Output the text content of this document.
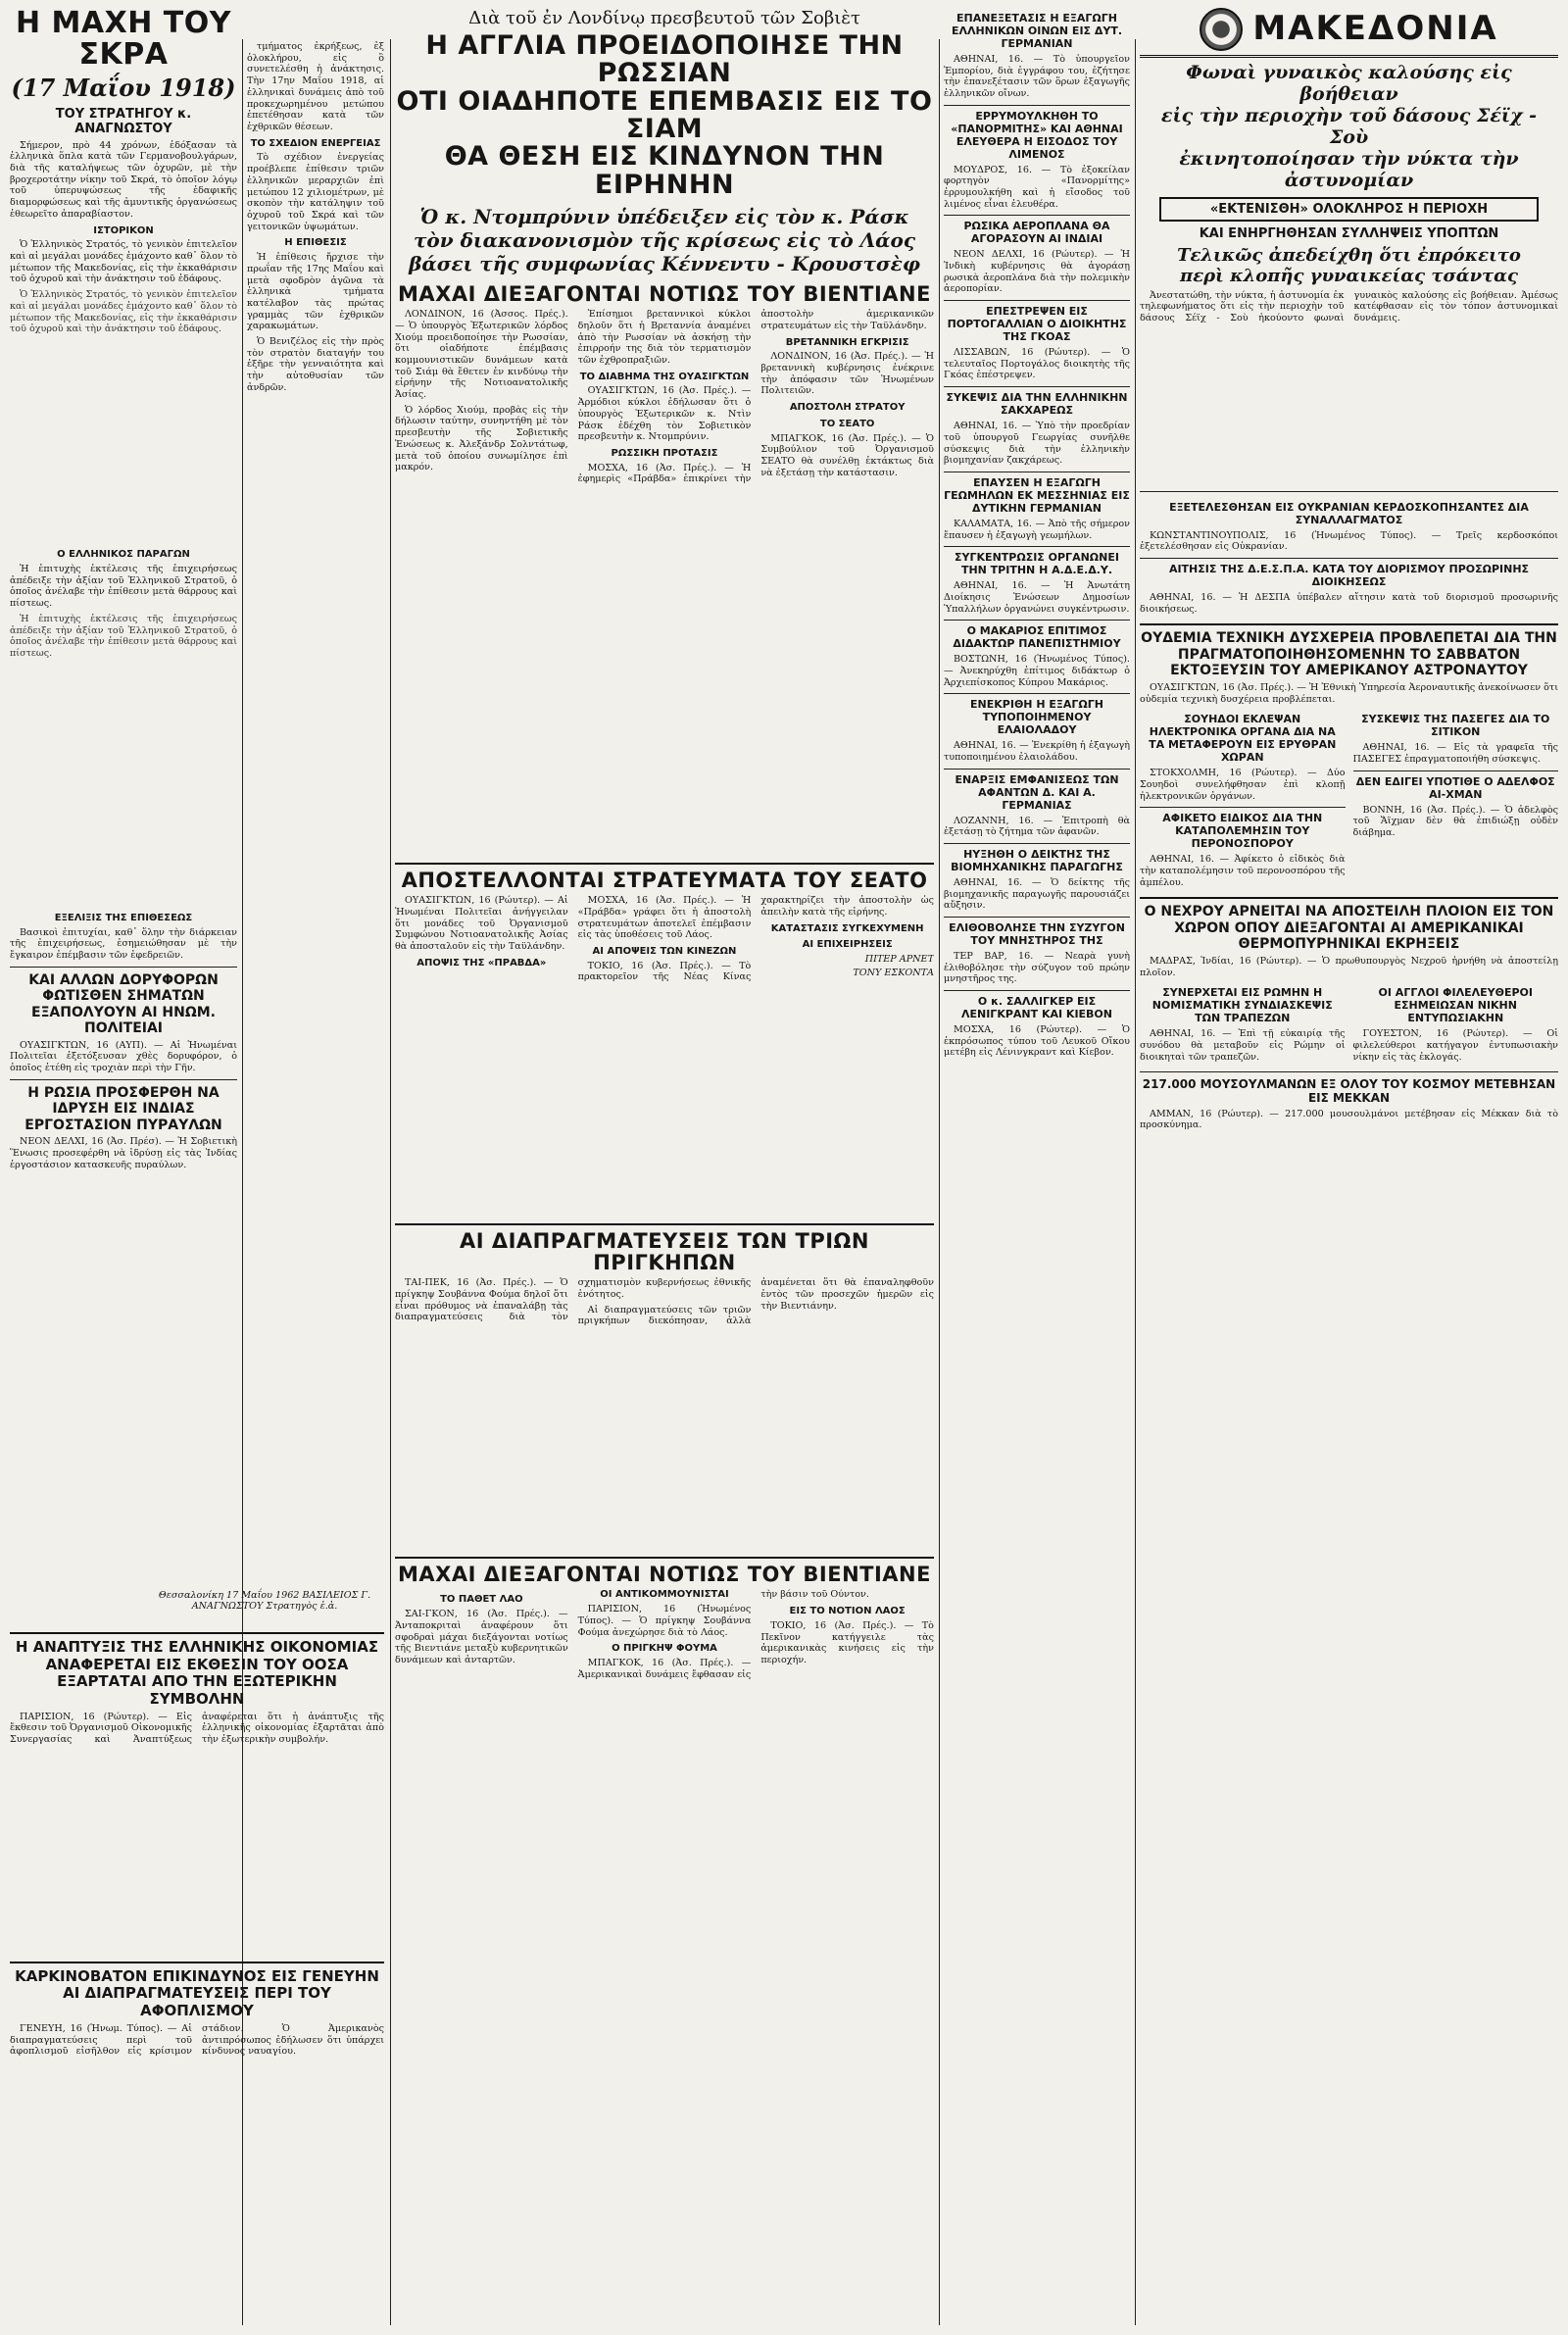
Η ΜΑΧΗ ΤΟΥ ΣΚΡΑ
(17 Μαΐου 1918)
ΤΟΥ ΣΤΡΑΤΗΓΟΥ κ. ΑΝΑΓΝΩΣΤΟΥ

Σήμερον, πρὸ 44 χρόνων, ἐδόξασαν τὰ ἑλληνικὰ ὅπλα κατὰ τῶν Γερμανοβουλγάρων, διὰ τῆς καταλήψεως τῶν ὀχυρῶν, μὲ τὴν βροχεροτάτην νίκην τοῦ Σκρά, τὸ ὁποῖον λόγῳ τοῦ ὑπερυψώσεως τῆς ἐδαφικῆς διαμορφώσεως καὶ τῆς ἀμυντικῆς ὀργανώσεως ἐθεωρεῖτο ἀπαραβίαστον.

ΙΣΤΟΡΙΚΟΝ

Ὁ Ἑλληνικὸς Στρατός, τὸ γενικὸν ἐπιτελεῖον καὶ αἱ μεγάλαι μονάδες ἐμάχοντο καθ᾽ ὅλον τὸ μέτωπον τῆς Μακεδονίας, εἰς τὴν ἐκκαθάρισιν τοῦ ὀχυροῦ καὶ τὴν ἀνάκτησιν τοῦ ἐδάφους.

Ὁ Ἑλληνικὸς Στρατός, τὸ γενικὸν ἐπιτελεῖον καὶ αἱ μεγάλαι μονάδες ἐμάχοντο καθ᾽ ὅλον τὸ μέτωπον τῆς Μακεδονίας, εἰς τὴν ἐκκαθάρισιν τοῦ ὀχυροῦ καὶ τὴν ἀνάκτησιν τοῦ ἐδάφους.

Ο ΕΛΛΗΝΙΚΟΣ ΠΑΡΑΓΩΝ

Ἡ ἐπιτυχὴς ἐκτέλεσις τῆς ἐπιχειρήσεως ἀπέδειξε τὴν ἀξίαν τοῦ Ἑλληνικοῦ Στρατοῦ, ὁ ὁποῖος ἀνέλαβε τὴν ἐπίθεσιν μετὰ θάρρους καὶ πίστεως.

Ἡ ἐπιτυχὴς ἐκτέλεσις τῆς ἐπιχειρήσεως ἀπέδειξε τὴν ἀξίαν τοῦ Ἑλληνικοῦ Στρατοῦ, ὁ ὁποῖος ἀνέλαβε τὴν ἐπίθεσιν μετὰ θάρρους καὶ πίστεως.

ΕΞΕΛΙΞΙΣ ΤΗΣ ΕΠΙΘΕΣΕΩΣ

Βασικοὶ ἐπιτυχίαι, καθ᾽ ὅλην τὴν διάρκειαν τῆς ἐπιχειρήσεως, ἐσημειώθησαν μὲ τὴν ἔγκαιρον ἐπέμβασιν τῶν ἐφεδρειῶν.

ΚΑΙ ΑΛΛΩΝ ΔΟΡΥΦΟΡΩΝ ΦΩΤΙΣΘΕΝ ΣΗΜΑΤΩΝ ΕΞΑΠΟΛΥΟΥΝ ΑΙ ΗΝΩΜ. ΠΟΛΙΤΕΙΑΙ

ΟΥΑΣΙΓΚΤΩΝ, 16 (ΑΥΠ). — Αἱ Ἡνωμέναι Πολιτεῖαι ἐξετόξευσαν χθὲς δορυφόρον, ὁ ὁποῖος ἐτέθη εἰς τροχιὰν περὶ τὴν Γῆν.

Η ΡΩΣΙΑ ΠΡΟΣΦΕΡΘΗ ΝΑ ΙΔΡΥΣΗ ΕΙΣ ΙΝΔΙΑΣ ΕΡΓΟΣΤΑΣΙΟΝ ΠΥΡΑΥΛΩΝ

ΝΕΟΝ ΔΕΛΧΙ, 16 (Ἀσ. Πρέσ). — Ἡ Σοβιετικὴ Ἕνωσις προσεφέρθη νὰ ἱδρύσῃ εἰς τὰς Ἰνδίας ἐργοστάσιον κατασκευῆς πυραύλων.

τμήματος ἐκρήξεως, ἐξ ὁλοκλήρου, εἰς ὃ συνετελέσθη ἡ ἀνάκτησις. Τὴν 17ην Μαΐου 1918, αἱ ἑλληνικαὶ δυνάμεις ἀπὸ τοῦ προκεχωρημένου μετώπου ἐπετέθησαν κατὰ τῶν ἐχθρικῶν θέσεων.

ΤΟ ΣΧΕΔΙΟΝ ΕΝΕΡΓΕΙΑΣ

Τὸ σχέδιον ἐνεργείας προέβλεπε ἐπίθεσιν τριῶν ἑλληνικῶν μεραρχιῶν ἐπὶ μετώπου 12 χιλιομέτρων, μὲ σκοπὸν τὴν κατάληψιν τοῦ ὀχυροῦ τοῦ Σκρά καὶ τῶν γειτονικῶν ὑψωμάτων.

Η ΕΠΙΘΕΣΙΣ

Ἡ ἐπίθεσις ἤρχισε τὴν πρωΐαν τῆς 17ης Μαΐου καὶ μετὰ σφοδρὸν ἀγῶνα τὰ ἑλληνικὰ τμήματα κατέλαβον τὰς πρώτας γραμμὰς τῶν ἐχθρικῶν χαρακωμάτων.

Ὁ Βενιζέλος εἰς τὴν πρὸς τὸν στρατὸν διαταγήν του ἐξῆρε τὴν γενναιότητα καὶ τὴν αὐτοθυσίαν τῶν ἀνδρῶν.

Θεσσαλονίκη 17 Μαΐου 1962 ΒΑΣΙΛΕΙΟΣ Γ. ΑΝΑΓΝΩΣΤΟΥ Στρατηγὸς ἐ.ἀ.
Η ΑΝΑΠΤΥΞΙΣ ΤΗΣ ΕΛΛΗΝΙΚΗΣ ΟΙΚΟΝΟΜΙΑΣ ΑΝΑΦΕΡΕΤΑΙ ΕΙΣ ΕΚΘΕΣΙΝ ΤΟΥ ΟΟΣΑ ΕΞΑΡΤΑΤΑΙ ΑΠΟ ΤΗΝ ΕΞΩΤΕΡΙΚΗΝ ΣΥΜΒΟΛΗΝ

ΠΑΡΙΣΙΟΝ, 16 (Ρώυτερ). — Εἰς ἔκθεσιν τοῦ Ὀργανισμοῦ Οἰκονομικῆς Συνεργασίας καὶ Ἀναπτύξεως ἀναφέρεται ὅτι ἡ ἀνάπτυξις τῆς ἑλληνικῆς οἰκονομίας ἐξαρτᾶται ἀπὸ τὴν ἐξωτερικὴν συμβολήν.

ΚΑΡΚΙΝΟΒΑΤΟΝ ΕΠΙΚΙΝΔΥΝΟΣ ΕΙΣ ΓΕΝΕΥΗΝ ΑΙ ΔΙΑΠΡΑΓΜΑΤΕΥΣΕΙΣ ΠΕΡΙ ΤΟΥ ΑΦΟΠΛΙΣΜΟΥ

ΓΕΝΕΥΗ, 16 (Ἡνωμ. Τύπος). — Αἱ διαπραγματεύσεις περὶ τοῦ ἀφοπλισμοῦ εἰσῆλθον εἰς κρίσιμον στάδιον. Ὁ Ἀμερικανὸς ἀντιπρόσωπος ἐδήλωσεν ὅτι ὑπάρχει κίνδυνος ναυαγίου.

Διὰ τοῦ ἐν Λονδίνῳ πρεσβευτοῦ τῶν Σοβιὲτ
Η ΑΓΓΛΙΑ ΠΡΟΕΙΔΟΠΟΙΗΣΕ ΤΗΝ ΡΩΣΣΙΑΝ
ΟΤΙ ΟΙΑΔΗΠΟΤΕ ΕΠΕΜΒΑΣΙΣ ΕΙΣ ΤΟ ΣΙΑΜ
ΘΑ ΘΕΣΗ ΕΙΣ ΚΙΝΔΥΝΟΝ ΤΗΝ ΕΙΡΗΝΗΝ
Ὁ κ. Ντομπρύνιν ὑπέδειξεν εἰς τὸν κ. Ράσκ
τὸν διακανονισμὸν τῆς κρίσεως εἰς τὸ Λάος
βάσει τῆς συμφωνίας Κέννεντυ - Κρουστσὲφ
ΜΑΧΑΙ ΔΙΕΞΑΓΟΝΤΑΙ ΝΟΤΙΩΣ ΤΟΥ ΒΙΕΝΤΙΑΝΕ

ΛΟΝΔΙΝΟΝ, 16 (Ἀσσος. Πρές.). — Ὁ ὑπουργὸς Ἐξωτερικῶν λόρδος Χιούμ προειδοποίησε τὴν Ρωσσίαν, ὅτι οἱαδήποτε ἐπέμβασις κομμουνιστικῶν δυνάμεων κατὰ τοῦ Σιάμ θὰ ἔθετεν ἐν κινδύνῳ τὴν εἰρήνην τῆς Νοτιοανατολικῆς Ἀσίας.

Ὁ λόρδος Χιούμ, προβὰς εἰς τὴν δήλωσιν ταύτην, συνηντήθη μὲ τὸν πρεσβευτὴν τῆς Σοβιετικῆς Ἑνώσεως κ. Ἀλεξάνδρ Σολντάτωφ, μετὰ τοῦ ὁποίου συνωμίλησε ἐπὶ μακρόν.

Ἐπίσημοι βρεταννικοὶ κύκλοι δηλοῦν ὅτι ἡ Βρεταννία ἀναμένει ἀπὸ τὴν Ρωσσίαν νὰ ἀσκήσῃ τὴν ἐπιρροήν της διὰ τὸν τερματισμὸν τῶν ἐχθροπραξιῶν.

ΤΟ ΔΙΑΒΗΜΑ ΤΗΣ ΟΥΑΣΙΓΚΤΩΝ

ΟΥΑΣΙΓΚΤΩΝ, 16 (Ἀσ. Πρές.). — Ἀρμόδιοι κύκλοι ἐδήλωσαν ὅτι ὁ ὑπουργὸς Ἐξωτερικῶν κ. Ντὶν Ράσκ ἐδέχθη τὸν Σοβιετικὸν πρεσβευτὴν κ. Ντομπρύνιν.

ΡΩΣΣΙΚΗ ΠΡΟΤΑΣΙΣ

ΜΟΣΧΑ, 16 (Ἀσ. Πρές.). — Ἡ ἐφημερὶς «Πράβδα» ἐπικρίνει τὴν ἀποστολὴν ἀμερικανικῶν στρατευμάτων εἰς τὴν Ταϋλάνδην.

ΒΡΕΤΑΝΝΙΚΗ ΕΓΚΡΙΣΙΣ

ΛΟΝΔΙΝΟΝ, 16 (Ἀσ. Πρές.). — Ἡ βρεταννικὴ κυβέρνησις ἐνέκρινε τὴν ἀπόφασιν τῶν Ἡνωμένων Πολιτειῶν.

ΑΠΟΣΤΟΛΗ ΣΤΡΑΤΟΥ
ΤΟ ΣΕΑΤΟ

ΜΠΑΓΚΟΚ, 16 (Ἀσ. Πρές.). — Ὁ Συμβούλιον τοῦ Ὀργανισμοῦ ΣΕΑΤΟ θὰ συνέλθῃ ἐκτάκτως διὰ νὰ ἐξετάσῃ τὴν κατάστασιν.

ΑΠΟΣΤΕΛΛΟΝΤΑΙ ΣΤΡΑΤΕΥΜΑΤΑ ΤΟΥ ΣΕΑΤΟ

ΟΥΑΣΙΓΚΤΩΝ, 16 (Ρώυτερ). — Αἱ Ἡνωμέναι Πολιτεῖαι ἀνήγγειλαν ὅτι μονάδες τοῦ Ὀργανισμοῦ Συμφώνου Νοτιοανατολικῆς Ἀσίας θὰ ἀποσταλοῦν εἰς τὴν Ταϋλάνδην.

ΑΠΟΨΙΣ ΤΗΣ «ΠΡΑΒΔΑ»

ΜΟΣΧΑ, 16 (Ἀσ. Πρές.). — Ἡ «Πράβδα» γράφει ὅτι ἡ ἀποστολὴ στρατευμάτων ἀποτελεῖ ἐπέμβασιν εἰς τὰς ὑποθέσεις τοῦ Λάος.

ΑΙ ΑΠΟΨΕΙΣ ΤΩΝ ΚΙΝΕΖΩΝ

ΤΟΚΙΟ, 16 (Ἀσ. Πρές.). — Τὸ πρακτορεῖον τῆς Νέας Κίνας χαρακτηρίζει τὴν ἀποστολὴν ὡς ἀπειλὴν κατὰ τῆς εἰρήνης.

ΚΑΤΑΣΤΑΣΙΣ ΣΥΓΚΕΧΥΜΕΝΗ
ΑΙ ΕΠΙΧΕΙΡΗΣΕΙΣ
ΠΙΤΕΡ ΑΡΝΕΤ
ΤΟΝΥ ΕΣΚΟΝΤΑ
ΑΙ ΔΙΑΠΡΑΓΜΑΤΕΥΣΕΙΣ ΤΩΝ ΤΡΙΩΝ ΠΡΙΓΚΗΠΩΝ

ΤΑΙ-ΠΕΚ, 16 (Ἀσ. Πρές.). — Ὁ πρίγκηψ Σουβάννα Φούμα δηλοῖ ὅτι εἶναι πρόθυμος νὰ ἐπαναλάβῃ τὰς διαπραγματεύσεις διὰ τὸν σχηματισμὸν κυβερνήσεως ἐθνικῆς ἑνότητος.

Αἱ διαπραγματεύσεις τῶν τριῶν πριγκήπων διεκόπησαν, ἀλλὰ ἀναμένεται ὅτι θὰ ἐπαναληφθοῦν ἐντὸς τῶν προσεχῶν ἡμερῶν εἰς τὴν Βιεντιάνην.

ΜΑΧΑΙ ΔΙΕΞΑΓΟΝΤΑΙ ΝΟΤΙΩΣ ΤΟΥ ΒΙΕΝΤΙΑΝΕ
ΤΟ ΠΑΘΕΤ ΛΑΟ

ΣΑΙ-ΓΚΟΝ, 16 (Ἀσ. Πρές.). — Ἀνταποκριταὶ ἀναφέρουν ὅτι σφοδραὶ μάχαι διεξάγονται νοτίως τῆς Βιεντιάνε μεταξὺ κυβερνητικῶν δυνάμεων καὶ ἀνταρτῶν.

ΟΙ ΑΝΤΙΚΟΜΜΟΥΝΙΣΤΑΙ

ΠΑΡΙΣΙΟΝ, 16 (Ἡνωμένος Τύπος). — Ὁ πρίγκηψ Σουβάννα Φούμα ἀνεχώρησε διὰ τὸ Λάος.

Ο ΠΡΙΓΚΗΨ ΦΟΥΜΑ

ΜΠΑΓΚΟΚ, 16 (Ἀσ. Πρές.). — Ἀμερικανικαὶ δυνάμεις ἔφθασαν εἰς τὴν βάσιν τοῦ Ούντον.

ΕΙΣ ΤΟ ΝΟΤΙΟΝ ΛΑΟΣ

ΤΟΚΙΟ, 16 (Ἀσ. Πρές.). — Τὸ Πεκῖνον κατήγγειλε τὰς ἀμερικανικὰς κινήσεις εἰς τὴν περιοχήν.

ΕΠΑΝΕΞΕΤΑΣΙΣ Η ΕΞΑΓΩΓΗ ΕΛΛΗΝΙΚΩΝ ΟΙΝΩΝ ΕΙΣ ΔΥΤ. ΓΕΡΜΑΝΙΑΝ

ΑΘΗΝΑΙ, 16. — Τὸ ὑπουργεῖον Ἐμπορίου, διὰ ἐγγράφου του, ἐζήτησε τὴν ἐπανεξέτασιν τῶν ὅρων ἐξαγωγῆς ἑλληνικῶν οἴνων.

ΕΡΡΥΜΟΥΛΚΗΘΗ ΤΟ «ΠΑΝΟΡΜΙΤΗΣ» ΚΑΙ ΑΘΗΝΑΙ ΕΛΕΥΘΕΡΑ Η ΕΙΣΟΔΟΣ ΤΟΥ ΛΙΜΕΝΟΣ

ΜΟΥΔΡΟΣ, 16. — Τὸ ἐξοκείλαν φορτηγὸν «Πανορμίτης» ἐρρυμουλκήθη καὶ ἡ εἴσοδος τοῦ λιμένος εἶναι ἐλευθέρα.

ΡΩΣΙΚΑ ΑΕΡΟΠΛΑΝΑ ΘΑ ΑΓΟΡΑΣΟΥΝ ΑΙ ΙΝΔΙΑΙ

ΝΕΟΝ ΔΕΛΧΙ, 16 (Ρώυτερ). — Ἡ Ἰνδικὴ κυβέρνησις θὰ ἀγοράσῃ ρωσικὰ ἀεροπλάνα διὰ τὴν πολεμικὴν ἀεροπορίαν.

ΕΠΕΣΤΡΕΨΕΝ ΕΙΣ ΠΟΡΤΟΓΑΛΛΙΑΝ Ο ΔΙΟΙΚΗΤΗΣ ΤΗΣ ΓΚΟΑΣ

ΛΙΣΣΑΒΩΝ, 16 (Ρώυτερ). — Ὁ τελευταῖος Πορτογάλος διοικητὴς τῆς Γκόας ἐπέστρεψεν.

ΣΥΚΕΨΙΣ ΔΙΑ ΤΗΝ ΕΛΛΗΝΙΚΗΝ ΣΑΚΧΑΡΕΩΣ

ΑΘΗΝΑΙ, 16. — Ὑπὸ τὴν προεδρίαν τοῦ ὑπουργοῦ Γεωργίας συνῆλθε σύσκεψις διὰ τὴν ἑλληνικὴν βιομηχανίαν ζακχάρεως.

ΕΠΑΥΣΕΝ Η ΕΞΑΓΩΓΗ ΓΕΩΜΗΛΩΝ ΕΚ ΜΕΣΣΗΝΙΑΣ ΕΙΣ ΔΥΤΙΚΗΝ ΓΕΡΜΑΝΙΑΝ

ΚΑΛΑΜΑΤΑ, 16. — Ἀπὸ τῆς σήμερον ἔπαυσεν ἡ ἐξαγωγὴ γεωμήλων.

ΣΥΓΚΕΝΤΡΩΣΙΣ ΟΡΓΑΝΩΝΕΙ ΤΗΝ ΤΡΙΤΗΝ Η Α.Δ.Ε.Δ.Υ.

ΑΘΗΝΑΙ, 16. — Ἡ Ἀνωτάτη Διοίκησις Ἑνώσεων Δημοσίων Ὑπαλλήλων ὀργανώνει συγκέντρωσιν.

Ο ΜΑΚΑΡΙΟΣ ΕΠΙΤΙΜΟΣ ΔΙΔΑΚΤΩΡ ΠΑΝΕΠΙΣΤΗΜΙΟΥ

ΒΟΣΤΩΝΗ, 16 (Ἡνωμένος Τύπος). — Ἀνεκηρύχθη ἐπίτιμος διδάκτωρ ὁ Ἀρχιεπίσκοπος Κύπρου Μακάριος.

ΕΝΕΚΡΙΘΗ Η ΕΞΑΓΩΓΗ ΤΥΠΟΠΟΙΗΜΕΝΟΥ ΕΛΑΙΟΛΑΔΟΥ

ΑΘΗΝΑΙ, 16. — Ἐνεκρίθη ἡ ἐξαγωγὴ τυποποιημένου ἐλαιολάδου.

ΕΝΑΡΞΙΣ ΕΜΦΑΝΙΣΕΩΣ ΤΩΝ ΑΦΑΝΤΩΝ Δ. ΚΑΙ Α. ΓΕΡΜΑΝΙΑΣ

ΛΟΖΑΝΝΗ, 16. — Ἐπιτροπὴ θὰ ἐξετάσῃ τὸ ζήτημα τῶν ἀφανῶν.

ΗΥΞΗΘΗ Ο ΔΕΙΚΤΗΣ ΤΗΣ ΒΙΟΜΗΧΑΝΙΚΗΣ ΠΑΡΑΓΩΓΗΣ

ΑΘΗΝΑΙ, 16. — Ὁ δείκτης τῆς βιομηχανικῆς παραγωγῆς παρουσιάζει αὔξησιν.

ΕΛΙΘΟΒΟΛΗΣΕ ΤΗΝ ΣΥΖΥΓΟΝ ΤΟΥ ΜΝΗΣΤΗΡΟΣ ΤΗΣ

ΤΕΡ ΒΑΡ, 16. — Νεαρὰ γυνὴ ἐλιθοβόλησε τὴν σύζυγον τοῦ πρώην μνηστῆρος της.

Ο κ. ΣΑΛΛΙΓΚΕΡ ΕΙΣ ΛΕΝΙΓΚΡΑΝΤ ΚΑΙ ΚΙΕΒΟΝ

ΜΟΣΧΑ, 16 (Ρώυτερ). — Ὁ ἐκπρόσωπος τύπου τοῦ Λευκοῦ Οἴκου μετέβη εἰς Λένινγκραντ καὶ Κίεβον.

ΜΑΚΕΔΟΝΙΑ
Φωναὶ γυναικὸς καλούσης εἰς βοήθειαν
εἰς τὴν περιοχὴν τοῦ δάσους Σέϊχ - Σοὺ
ἐκινητοποίησαν τὴν νύκτα τὴν ἀστυνομίαν
«ΕΚΤΕΝΙΣΘΗ» ΟΛΟΚΛΗΡΟΣ Η ΠΕΡΙΟΧΗ
ΚΑΙ ΕΝΗΡΓΗΘΗΣΑΝ ΣΥΛΛΗΨΕΙΣ ΥΠΟΠΤΩΝ
Τελικῶς ἀπεδείχθη ὅτι ἐπρόκειτο
περὶ κλοπῆς γυναικείας τσάντας

Ἀνεστατώθη, τὴν νύκτα, ἡ ἀστυνομία ἐκ τηλεφωνήματος ὅτι εἰς τὴν περιοχὴν τοῦ δάσους Σέϊχ - Σοὺ ἠκούοντο φωναὶ γυναικὸς καλούσης εἰς βοήθειαν. Ἀμέσως κατέφθασαν εἰς τὸν τόπον ἀστυνομικαὶ δυνάμεις.

ΕΞΕΤΕΛΕΣΘΗΣΑΝ ΕΙΣ ΟΥΚΡΑΝΙΑΝ ΚΕΡΔΟΣΚΟΠΗΣΑΝΤΕΣ ΔΙΑ ΣΥΝΑΛΛΑΓΜΑΤΟΣ

ΚΩΝΣΤΑΝΤΙΝΟΥΠΟΛΙΣ, 16 (Ἡνωμένος Τύπος). — Τρεῖς κερδοσκόποι ἐξετελέσθησαν εἰς Οὐκρανίαν.

ΑΙΤΗΣΙΣ ΤΗΣ Δ.Ε.Σ.Π.Α. ΚΑΤΑ ΤΟΥ ΔΙΟΡΙΣΜΟΥ ΠΡΟΣΩΡΙΝΗΣ ΔΙΟΙΚΗΣΕΩΣ

ΑΘΗΝΑΙ, 16. — Ἡ ΔΕΣΠΑ ὑπέβαλεν αἴτησιν κατὰ τοῦ διορισμοῦ προσωρινῆς διοικήσεως.

ΟΥΔΕΜΙΑ ΤΕΧΝΙΚΗ ΔΥΣΧΕΡΕΙΑ ΠΡΟΒΛΕΠΕΤΑΙ ΔΙΑ ΤΗΝ ΠΡΑΓΜΑΤΟΠΟΙΗΘΗΣΟΜΕΝΗΝ ΤΟ ΣΑΒΒΑΤΟΝ ΕΚΤΟΞΕΥΣΙΝ ΤΟΥ ΑΜΕΡΙΚΑΝΟΥ ΑΣΤΡΟΝΑΥΤΟΥ

ΟΥΑΣΙΓΚΤΩΝ, 16 (Ἀσ. Πρές.). — Ἡ Ἐθνικὴ Ὑπηρεσία Ἀεροναυτικῆς ἀνεκοίνωσεν ὅτι οὐδεμία τεχνικὴ δυσχέρεια προβλέπεται.

ΣΟΥΗΔΟΙ ΕΚΛΕΨΑΝ ΗΛΕΚΤΡΟΝΙΚΑ ΟΡΓΑΝΑ ΔΙΑ ΝΑ ΤΑ ΜΕΤΑΦΕΡΟΥΝ ΕΙΣ ΕΡΥΘΡΑΝ ΧΩΡΑΝ

ΣΤΟΚΧΟΛΜΗ, 16 (Ρώυτερ). — Δύο Σουηδοὶ συνελήφθησαν ἐπὶ κλοπῇ ἠλεκτρονικῶν ὀργάνων.

ΑΦΙΚΕΤΟ ΕΙΔΙΚΟΣ ΔΙΑ ΤΗΝ ΚΑΤΑΠΟΛΕΜΗΣΙΝ ΤΟΥ ΠΕΡΟΝΟΣΠΟΡΟΥ

ΑΘΗΝΑΙ, 16. — Ἀφίκετο ὁ εἰδικὸς διὰ τὴν καταπολέμησιν τοῦ περονοσπόρου τῆς ἀμπέλου.

ΣΥΣΚΕΨΙΣ ΤΗΣ ΠΑΣΕΓΕΣ ΔΙΑ ΤΟ ΣΙΤΙΚΟΝ

ΑΘΗΝΑΙ, 16. — Εἰς τὰ γραφεῖα τῆς ΠΑΣΕΓΕΣ ἐπραγματοποιήθη σύσκεψις.

ΔΕΝ ΕΔΙΓΕΙ ΥΠΟΤΙΘΕ Ο ΑΔΕΛΦΟΣ ΑΙ-ΧΜΑΝ

ΒΟΝΝΗ, 16 (Ἀσ. Πρές.). — Ὁ ἀδελφὸς τοῦ Ἄϊχμαν δὲν θὰ ἐπιδιώξῃ οὐδὲν διάβημα.

Ο ΝΕΧΡΟΥ ΑΡΝΕΙΤΑΙ ΝΑ ΑΠΟΣΤΕΙΛΗ ΠΛΟΙΟΝ ΕΙΣ ΤΟΝ ΧΩΡΟΝ ΟΠΟΥ ΔΙΕΞΑΓΟΝΤΑΙ ΑΙ ΑΜΕΡΙΚΑΝΙΚΑΙ ΘΕΡΜΟΠΥΡΗΝΙΚΑΙ ΕΚΡΗΞΕΙΣ

ΜΑΔΡΑΣ, Ἰνδίαι, 16 (Ρώυτερ). — Ὁ πρωθυπουργὸς Νεχροῦ ἠρνήθη νὰ ἀποστείλῃ πλοῖον.

ΣΥΝΕΡΧΕΤΑΙ ΕΙΣ ΡΩΜΗΝ Η ΝΟΜΙΣΜΑΤΙΚΗ ΣΥΝΔΙΑΣΚΕΨΙΣ ΤΩΝ ΤΡΑΠΕΖΩΝ

ΑΘΗΝΑΙ, 16. — Ἐπὶ τῇ εὐκαιρίᾳ τῆς συνόδου θὰ μεταβοῦν εἰς Ρώμην οἱ διοικηταὶ τῶν τραπεζῶν.

ΟΙ ΑΓΓΛΟΙ ΦΙΛΕΛΕΥΘΕΡΟΙ ΕΣΗΜΕΙΩΣΑΝ ΝΙΚΗΝ ΕΝΤΥΠΩΣΙΑΚΗΝ

ΓΟΥΕΣΤΟΝ, 16 (Ρώυτερ). — Οἱ φιλελεύθεροι κατήγαγον ἐντυπωσιακὴν νίκην εἰς τὰς ἐκλογάς.

217.000 ΜΟΥΣΟΥΛΜΑΝΩΝ ΕΞ ΟΛΟΥ ΤΟΥ ΚΟΣΜΟΥ ΜΕΤΕΒΗΣΑΝ ΕΙΣ ΜΕΚΚΑΝ

ΑΜΜΑΝ, 16 (Ρώυτερ). — 217.000 μουσουλμάνοι μετέβησαν εἰς Μέκκαν διὰ τὸ προσκύνημα.
